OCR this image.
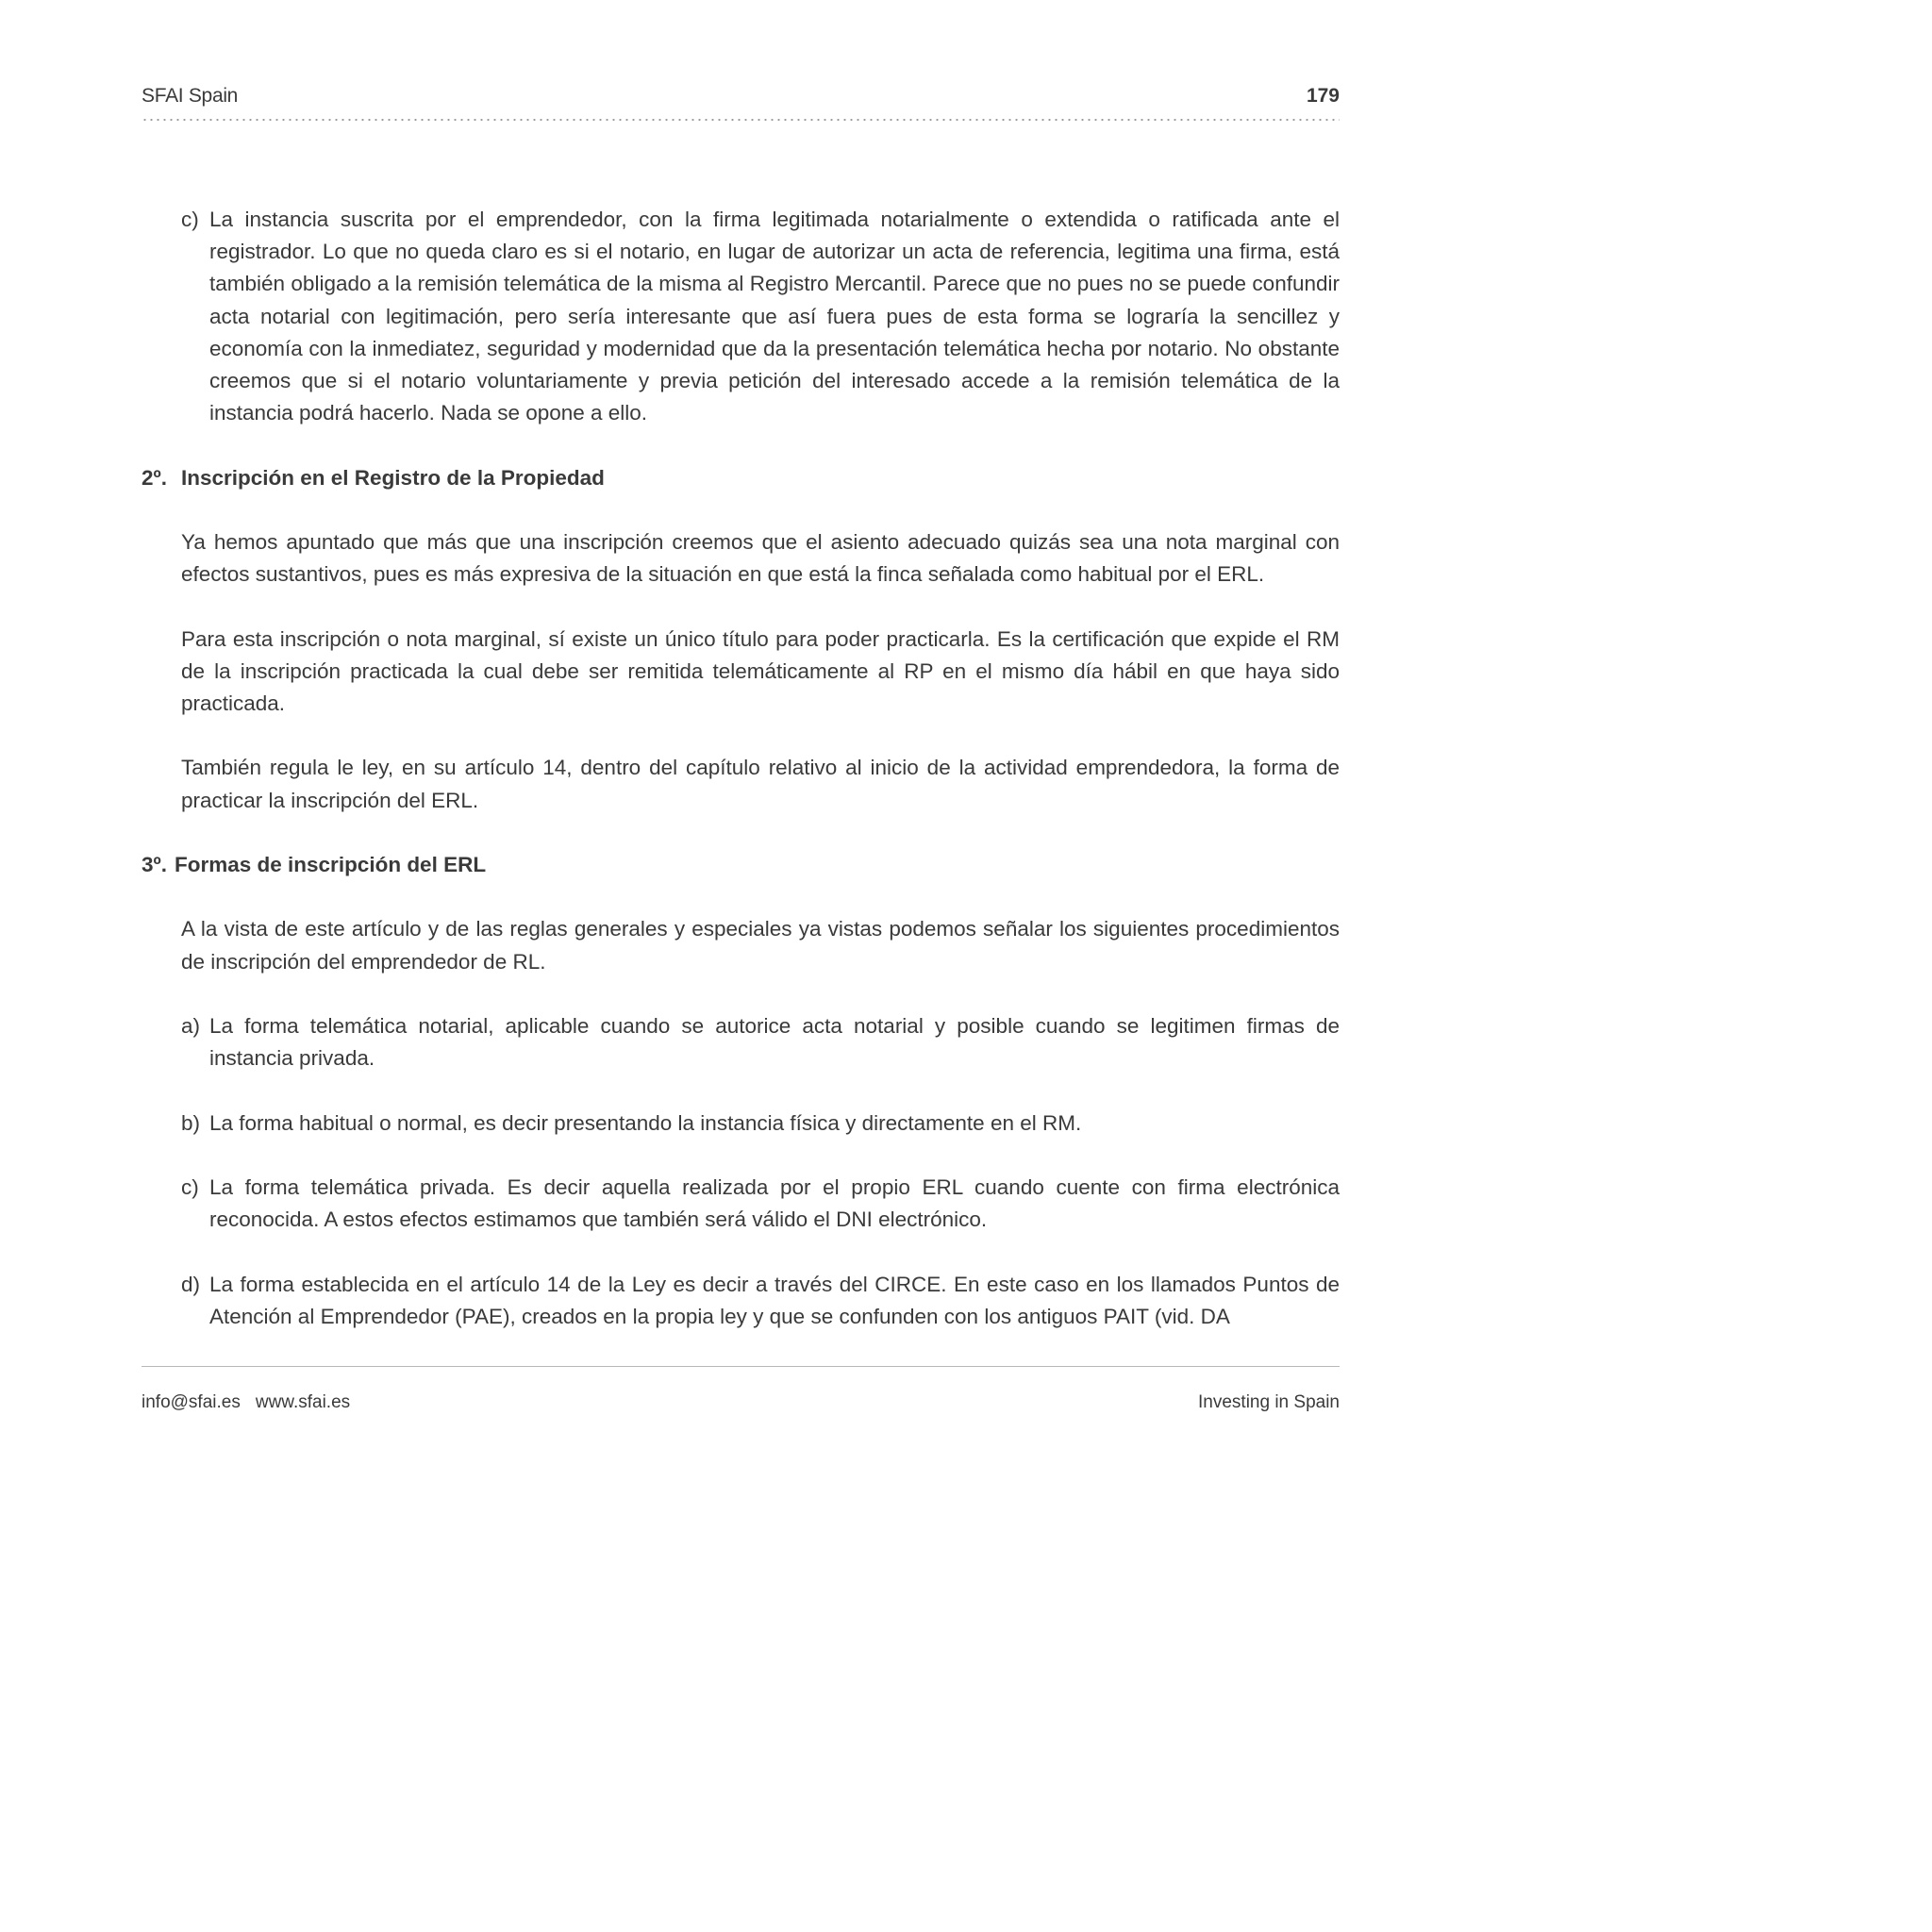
SFAI Spain	179

c) La instancia suscrita por el emprendedor, con la firma legitimada notarialmente o extendida o ratificada ante el registrador. Lo que no queda claro es si el notario, en lugar de autorizar un acta de referencia, legitima una firma, está también obligado a la remisión telemática de la misma al Registro Mercantil. Parece que no pues no se puede confundir acta notarial con legitimación, pero sería interesante que así fuera pues de esta forma se lograría la sencillez y economía con la inmediatez, seguridad y modernidad que da la presentación telemática hecha por notario. No obstante creemos que si el notario voluntariamente y previa petición del interesado accede a la remisión telemática de la instancia podrá hacerlo. Nada se opone a ello.

2º. Inscripción en el Registro de la Propiedad

Ya hemos apuntado que más que una inscripción creemos que el asiento adecuado quizás sea una nota marginal con efectos sustantivos, pues es más expresiva de la situación en que está la finca señalada como habitual por el ERL.

Para esta inscripción o nota marginal, sí existe un único título para poder practicarla. Es la certificación que expide el RM de la inscripción practicada la cual debe ser remitida telemáticamente al RP en el mismo día hábil en que haya sido practicada.

También regula le ley, en su artículo 14, dentro del capítulo relativo al inicio de la actividad emprendedora, la forma de practicar la inscripción del ERL.

3º. Formas de inscripción del ERL

A la vista de este artículo y de las reglas generales y especiales ya vistas podemos señalar los siguientes procedimientos de inscripción del emprendedor de RL.

a) La forma telemática notarial, aplicable cuando se autorice acta notarial y posible cuando se legitimen firmas de instancia privada.

b) La forma habitual o normal, es decir presentando la instancia física y directamente en el RM.

c) La forma telemática privada. Es decir aquella realizada por el propio ERL cuando cuente con firma electrónica reconocida. A estos efectos estimamos que también será válido el DNI electrónico.

d) La forma establecida en el artículo 14 de la Ley es decir a través del CIRCE. En este caso en los llamados Puntos de Atención al Emprendedor (PAE), creados en la propia ley y que se confunden con los antiguos PAIT (vid. DA

info@sfai.es www.sfai.es	Investing in Spain
